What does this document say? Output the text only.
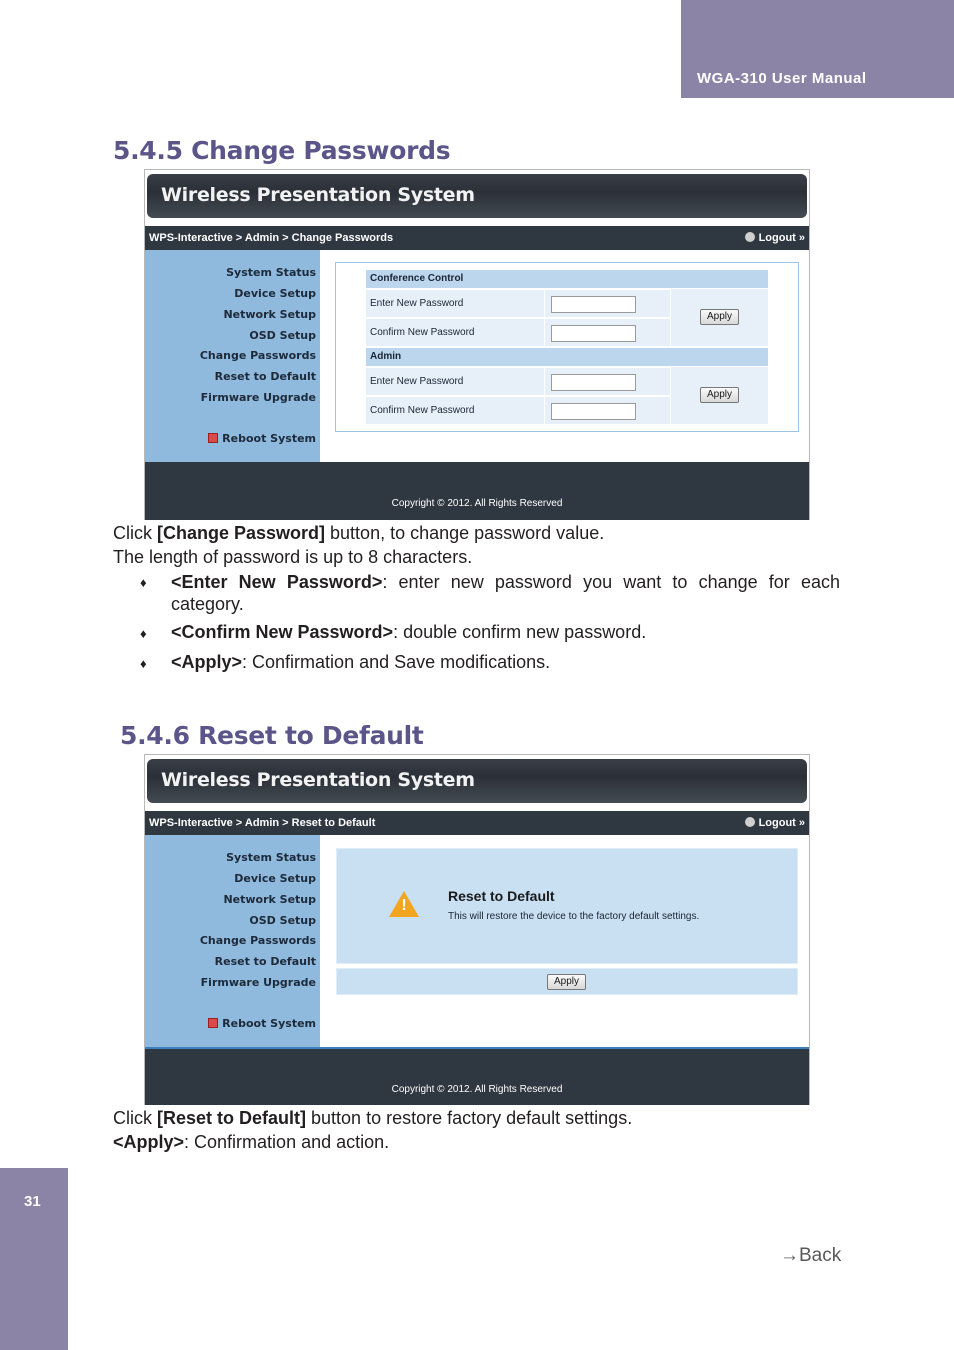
WGA-310 User Manual
5.4.5 Change Passwords
Wireless Presentation System
WPS-Interactive > Admin > Change Passwords	Logout »
System Status
Device Setup
Network Setup
OSD Setup
Change Passwords
Reset to Default
Firmware Upgrade
Reboot System
Conference Control
Enter New Password
Confirm New Password
Apply
Admin
Enter New Password
Confirm New Password
Apply
Copyright © 2012. All Rights Reserved
Click [Change Password] button, to change password value.
The length of password is up to 8 characters.
♦ <Enter New Password>: enter new password you want to change for each category.
♦ <Confirm New Password>: double confirm new password.
♦ <Apply>: Confirmation and Save modifications.
5.4.6 Reset to Default
Wireless Presentation System
WPS-Interactive > Admin > Reset to Default	Logout »
System Status
Device Setup
Network Setup
OSD Setup
Change Passwords
Reset to Default
Firmware Upgrade
Reboot System
!
Reset to Default
This will restore the device to the factory default settings.
Apply
Copyright © 2012. All Rights Reserved
Click [Reset to Default] button to restore factory default settings.
<Apply>: Confirmation and action.
31
→Back
